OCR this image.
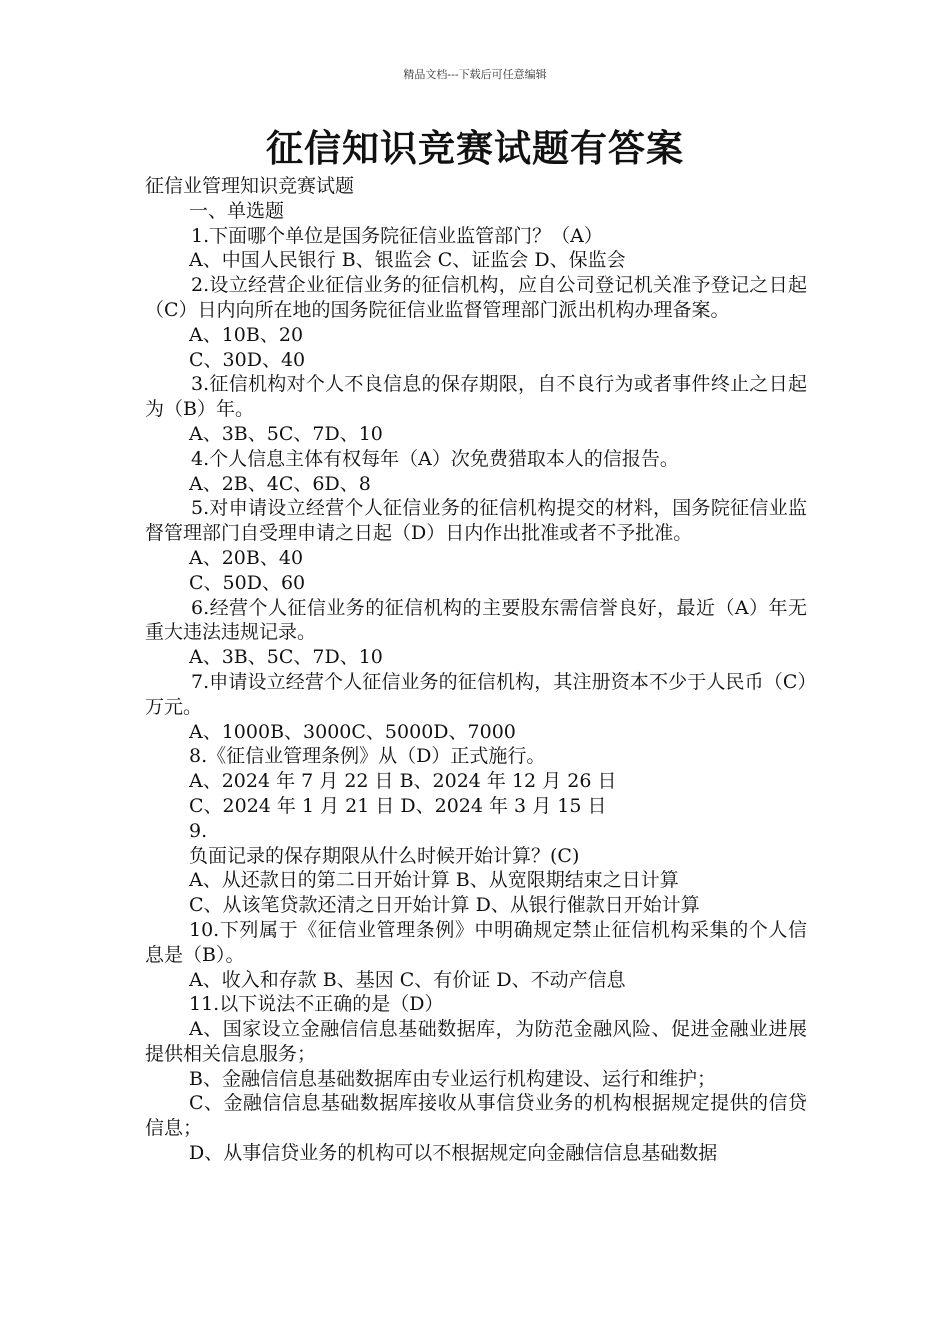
精品文档---下载后可任意编辑
征信知识竞赛试题有答案

征信业管理知识竞赛试题

一、单选题

1.下面哪个单位是国务院征信业监管部门？（A）

A、中国人民银行 B、银监会 C、证监会 D、保监会

2.设立经营企业征信业务的征信机构，应自公司登记机关准予登记之日起（C）日内向所在地的国务院征信业监督管理部门派出机构办理备案。

A、10B、20

C、30D、40

3.征信机构对个人不良信息的保存期限，自不良行为或者事件终止之日起为（B）年。

A、3B、5C、7D、10

4.个人信息主体有权每年（A）次免费猎取本人的信报告。

A、2B、4C、6D、8

5.对申请设立经营个人征信业务的征信机构提交的材料，国务院征信业监督管理部门自受理申请之日起（D）日内作出批准或者不予批准。

A、20B、40

C、50D、60

6.经营个人征信业务的征信机构的主要股东需信誉良好，最近（A）年无重大违法违规记录。

A、3B、5C、7D、10

7.申请设立经营个人征信业务的征信机构，其注册资本不少于人民币（C）万元。

A、1000B、3000C、5000D、7000

8.《征信业管理条例》从（D）正式施行。

A、2024 年 7 月 22 日 B、2024 年 12 月 26 日

C、2024 年 1 月 21 日 D、2024 年 3 月 15 日

9.

负面记录的保存期限从什么时候开始计算？(C)

A、从还款日的第二日开始计算 B、从宽限期结束之日计算

C、从该笔贷款还清之日开始计算 D、从银行催款日开始计算

10.下列属于《征信业管理条例》中明确规定禁止征信机构采集的个人信息是（B）。

A、收入和存款 B、基因 C、有价证 D、不动产信息

11.以下说法不正确的是（D）

A、国家设立金融信信息基础数据库，为防范金融风险、促进金融业进展提供相关信息服务；

B、金融信信息基础数据库由专业运行机构建设、运行和维护；

C、金融信信息基础数据库接收从事信贷业务的机构根据规定提供的信贷信息；

D、从事信贷业务的机构可以不根据规定向金融信信息基础数据
